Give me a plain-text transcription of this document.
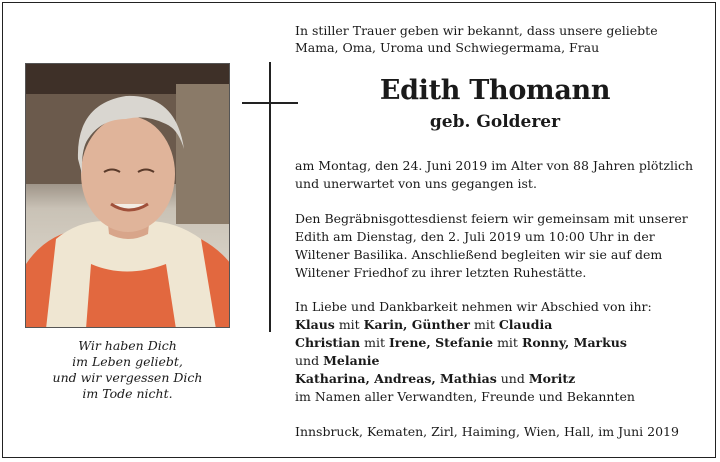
Wir haben Dich
im Leben geliebt,
und wir vergessen Dich
im Tode nicht.
In stiller Trauer geben wir bekannt, dass unsere geliebte
Mama, Oma, Uroma und Schwiegermama, Frau
Edith Thomann
geb. Golderer
am Montag, den 24. Juni 2019 im Alter von 88 Jahren plötzlich
und unerwartet von uns gegangen ist.
Den Begräbnisgottesdienst feiern wir gemeinsam mit unserer
Edith am Dienstag, den 2. Juli 2019 um 10:00 Uhr in der
Wiltener Basilika. Anschließend begleiten wir sie auf dem
Wiltener Friedhof zu ihrer letzten Ruhestätte.
In Liebe und Dankbarkeit nehmen wir Abschied von ihr:
Klaus mit Karin, Günther mit Claudia
Christian mit Irene, Stefanie mit Ronny, Markus
und Melanie
Katharina, Andreas, Mathias und Moritz
im Namen aller Verwandten, Freunde und Bekannten
Innsbruck, Kematen, Zirl, Haiming, Wien, Hall, im Juni 2019
